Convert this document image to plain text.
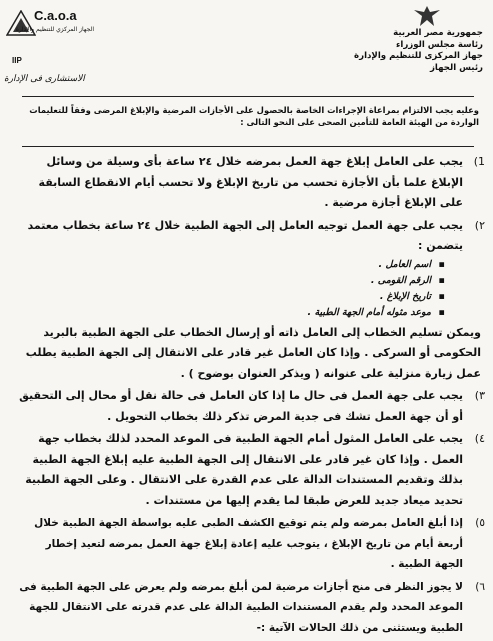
C.a.o.a
الجهاز المركزي للتنظيم والإدارة
IIP
الاستشارى فى الإدارة
جمهورية مصر العربية
رئاسة مجلس الوزراء
جهاز المركزى للتنظيم والإدارة
رئيس الجهاز
وعليه يجب الالتزام بمراعاة الإجراءات الخاصة بالحصول على الأجازات المرضية والإبلاغ المرضى وفقاً للتعليمات الواردة من الهيئة العامة للتأمين الصحى على النحو التالى :
1)
يجب على العامل إبلاغ جهة العمل بمرضه خلال ٢٤ ساعة بأى وسيلة من وسائل الإبلاغ علما بأن الأجازة تحسب من تاريخ الإبلاغ ولا تحسب أيام الانقطاع السابقة على الإبلاغ أجازة مرضية .
٢)
يجب على جهة العمل توجيه العامل إلى الجهة الطبية خلال ٢٤ ساعة بخطاب معتمد يتضمن :
▪ اسم العامل .
▪ الرقم القومى .
▪ تاريخ الإبلاغ .
▪ موعد مثوله أمام الجهة الطبية .
ويمكن تسليم الخطاب إلى العامل ذاته أو إرسال الخطاب على الجهة الطبية بالبريد الحكومى أو السركى . وإذا كان العامل غير قادر على الانتقال إلى الجهة الطبية يطلب عمل زيارة منزلية على عنوانه ( ويذكر العنوان بوضوح ) .
٣)
يجب على جهة العمل فى حال ما إذا كان العامل فى حالة نقل أو محال إلى التحقيق أو أن جهة العمل تشك فى جدية المرض تذكر ذلك بخطاب التحويل .
٤)
يجب على العامل المثول أمام الجهة الطبية فى الموعد المحدد لذلك بخطاب جهة العمل . وإذا كان غير قادر على الانتقال إلى الجهة الطبية عليه إبلاغ الجهة الطبية بذلك وتقديم المستندات الدالة على عدم القدرة على الانتقال . وعلى الجهة الطبية تحديد ميعاد جديد للعرض طبقا لما يقدم إليها من مستندات .
٥)
إذا أبلغ العامل بمرضه ولم يتم توقيع الكشف الطبى عليه بواسطة الجهة الطبية خلال أربعة أيام من تاريخ الإبلاغ ، يتوجب عليه إعادة إبلاغ جهة العمل بمرضه لتعيد إخطار الجهة الطبية .
٦)
لا يجوز النظر فى منح أجازات مرضية لمن أبلغ بمرضه ولم يعرض على الجهة الطبية فى الموعد المحدد ولم يقدم المستندات الطبية الدالة على عدم قدرته على الانتقال للجهة الطبية ويستثنى من ذلك الحالات الآتية :-
